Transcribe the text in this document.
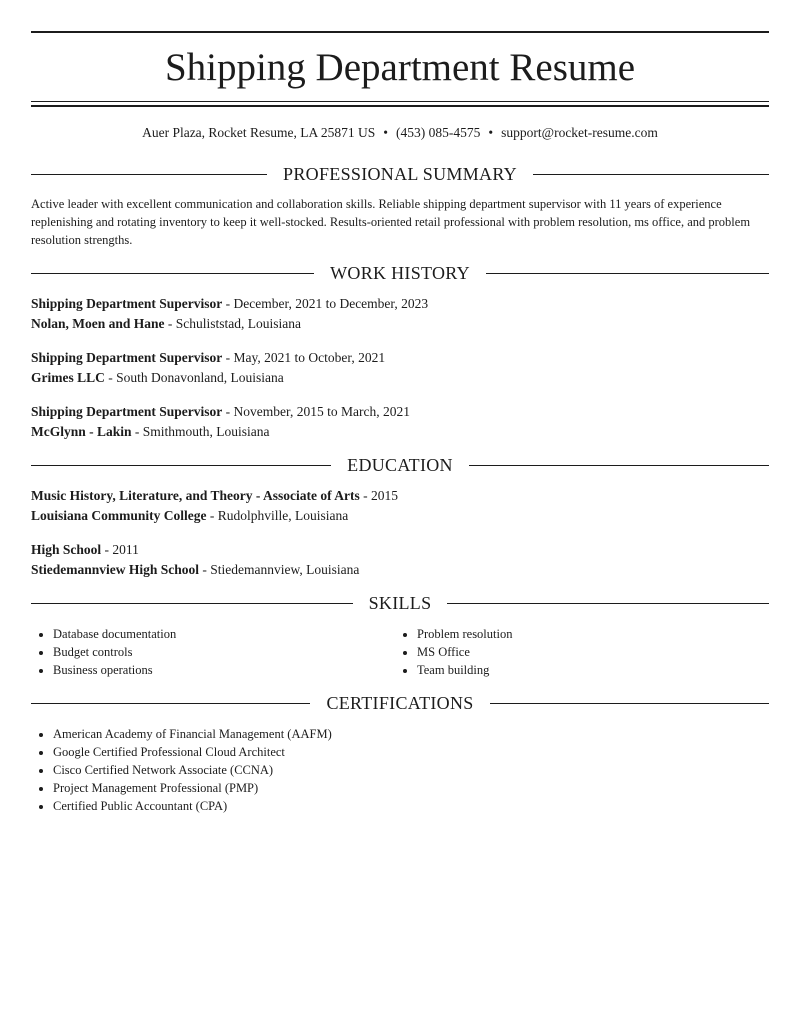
Shipping Department Resume
Auer Plaza, Rocket Resume, LA 25871 US • (453) 085-4575 • support@rocket-resume.com
PROFESSIONAL SUMMARY

Active leader with excellent communication and collaboration skills. Reliable shipping department supervisor with 11 years of experience replenishing and rotating inventory to keep it well-stocked. Results-oriented retail professional with problem resolution, ms office, and problem resolution strengths.

WORK HISTORY
Shipping Department Supervisor - December, 2021 to December, 2023
Nolan, Moen and Hane - Schuliststad, Louisiana
Shipping Department Supervisor - May, 2021 to October, 2021
Grimes LLC - South Donavonland, Louisiana
Shipping Department Supervisor - November, 2015 to March, 2021
McGlynn - Lakin - Smithmouth, Louisiana
EDUCATION
Music History, Literature, and Theory - Associate of Arts - 2015
Louisiana Community College - Rudolphville, Louisiana
High School - 2011
Stiedemannview High School - Stiedemannview, Louisiana
SKILLS
Database documentation
Budget controls
Business operations
Problem resolution
MS Office
Team building
CERTIFICATIONS
American Academy of Financial Management (AAFM)
Google Certified Professional Cloud Architect
Cisco Certified Network Associate (CCNA)
Project Management Professional (PMP)
Certified Public Accountant (CPA)
